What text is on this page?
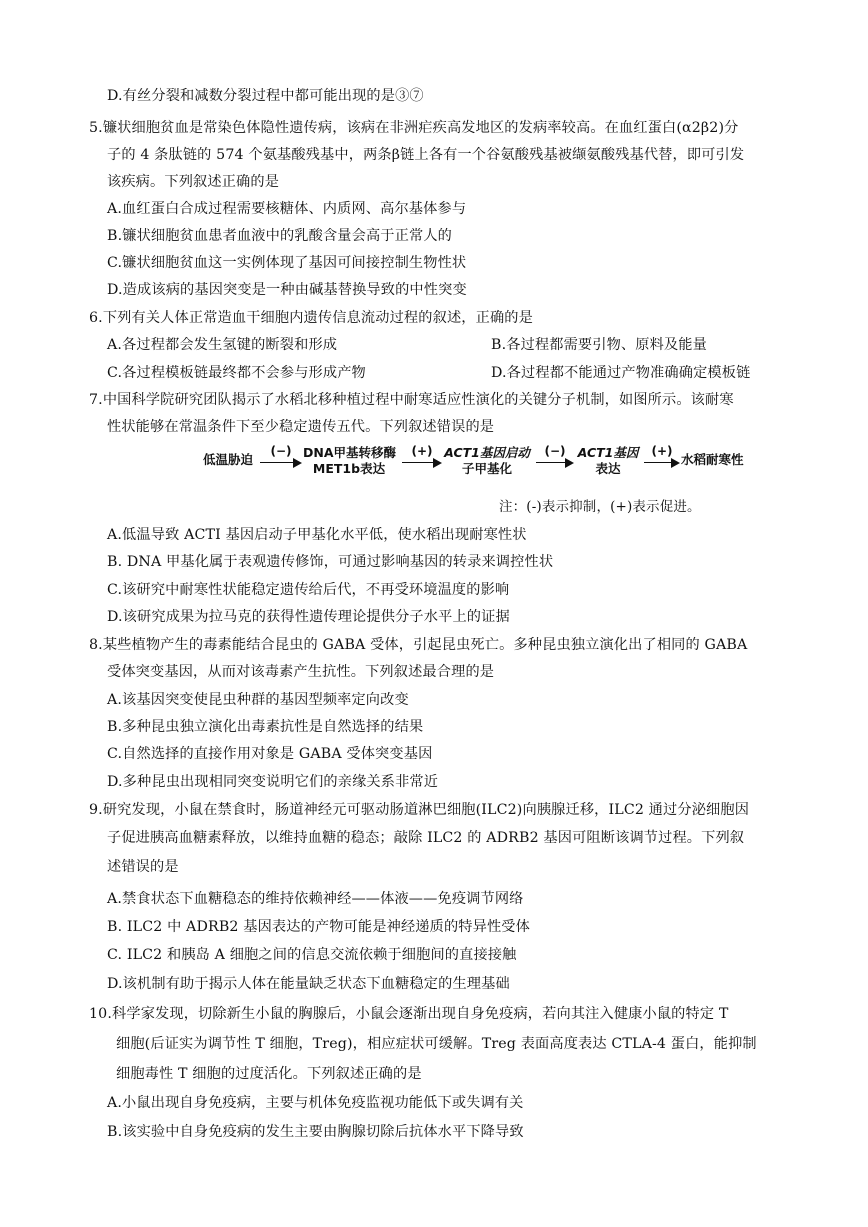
D.有丝分裂和减数分裂过程中都可能出现的是③⑦
5.镰状细胞贫血是常染色体隐性遗传病，该病在非洲疟疾高发地区的发病率较高。在血红蛋白(α2β2)分
子的 4 条肽链的 574 个氨基酸残基中，两条β链上各有一个谷氨酸残基被缬氨酸残基代替，即可引发
该疾病。下列叙述正确的是
A.血红蛋白合成过程需要核糖体、内质网、高尔基体参与
B.镰状细胞贫血患者血液中的乳酸含量会高于正常人的
C.镰状细胞贫血这一实例体现了基因可间接控制生物性状
D.造成该病的基因突变是一种由碱基替换导致的中性突变
6.下列有关人体正常造血干细胞内遗传信息流动过程的叙述，正确的是
A.各过程都会发生氢键的断裂和形成	B.各过程都需要引物、原料及能量
C.各过程模板链最终都不会参与形成产物	D.各过程都不能通过产物准确确定模板链
7.中国科学院研究团队揭示了水稻北移种植过程中耐寒适应性演化的关键分子机制，如图所示。该耐寒
性状能够在常温条件下至少稳定遗传五代。下列叙述错误的是
低温胁迫
(−) DNA甲基转移酶
MET1b表达
(+) ACT1基因启动
子甲基化
(−) ACT1基因
表达
(+)
水稻耐寒性
注：(-)表示抑制，(+)表示促进。
A.低温导致 ACTI 基因启动子甲基化水平低，使水稻出现耐寒性状
B. DNA 甲基化属于表观遗传修饰，可通过影响基因的转录来调控性状
C.该研究中耐寒性状能稳定遗传给后代，不再受环境温度的影响
D.该研究成果为拉马克的获得性遗传理论提供分子水平上的证据
8.某些植物产生的毒素能结合昆虫的 GABA 受体，引起昆虫死亡。多种昆虫独立演化出了相同的 GABA
受体突变基因，从而对该毒素产生抗性。下列叙述最合理的是
A.该基因突变使昆虫种群的基因型频率定向改变
B.多种昆虫独立演化出毒素抗性是自然选择的结果
C.自然选择的直接作用对象是 GABA 受体突变基因
D.多种昆虫出现相同突变说明它们的亲缘关系非常近
9.研究发现，小鼠在禁食时，肠道神经元可驱动肠道淋巴细胞(ILC2)向胰腺迁移，ILC2 通过分泌细胞因
子促进胰高血糖素释放，以维持血糖的稳态；敲除 ILC2 的 ADRB2 基因可阻断该调节过程。下列叙
述错误的是
A.禁食状态下血糖稳态的维持依赖神经——体液——免疫调节网络
B. ILC2 中 ADRB2 基因表达的产物可能是神经递质的特异性受体
C. ILC2 和胰岛 A 细胞之间的信息交流依赖于细胞间的直接接触
D.该机制有助于揭示人体在能量缺乏状态下血糖稳定的生理基础
10.科学家发现，切除新生小鼠的胸腺后，小鼠会逐渐出现自身免疫病，若向其注入健康小鼠的特定 T
细胞(后证实为调节性 T 细胞，Treg)，相应症状可缓解。Treg 表面高度表达 CTLA-4 蛋白，能抑制
细胞毒性 T 细胞的过度活化。下列叙述正确的是
A.小鼠出现自身免疫病，主要与机体免疫监视功能低下或失调有关
B.该实验中自身免疫病的发生主要由胸腺切除后抗体水平下降导致
